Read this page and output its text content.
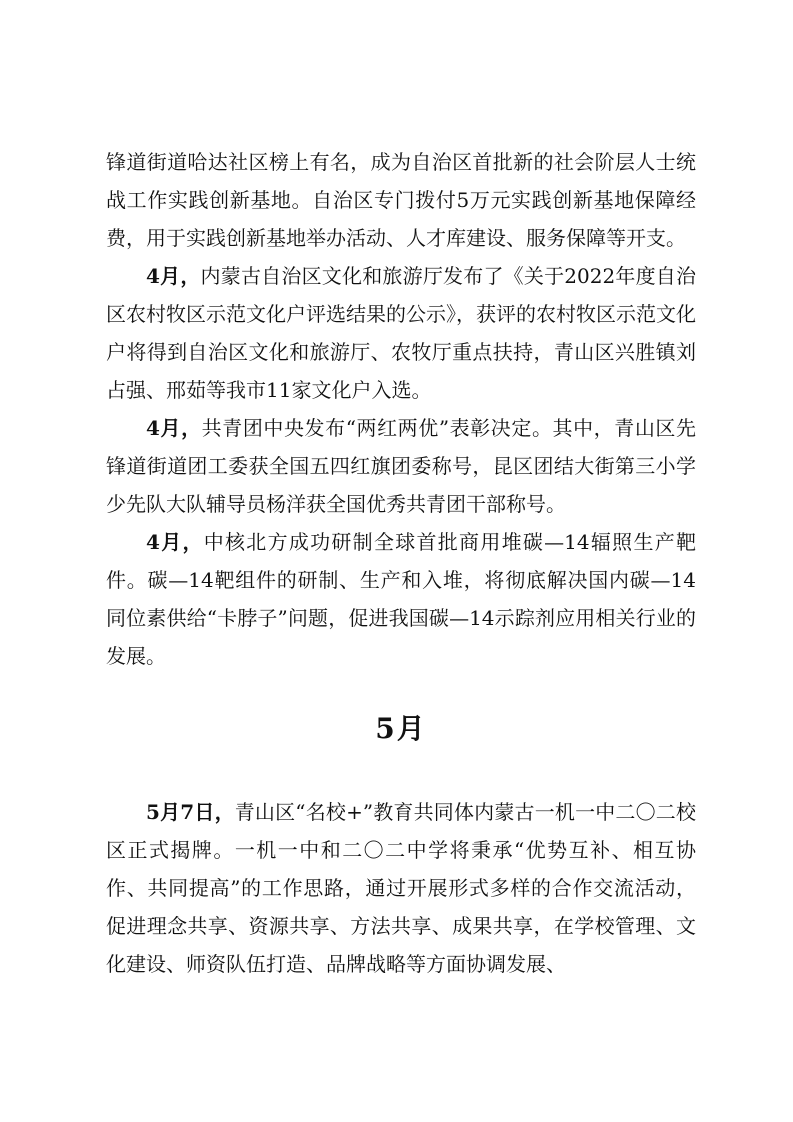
锋道街道哈达社区榜上有名，成为自治区首批新的社会阶层人士统战工作实践创新基地。自治区专门拨付5万元实践创新基地保障经费，用于实践创新基地举办活动、人才库建设、服务保障等开支。

4月，内蒙古自治区文化和旅游厅发布了《关于2022年度自治区农村牧区示范文化户评选结果的公示》，获评的农村牧区示范文化户将得到自治区文化和旅游厅、农牧厅重点扶持，青山区兴胜镇刘占强、邢茹等我市11家文化户入选。

4月，共青团中央发布“两红两优”表彰决定。其中，青山区先锋道街道团工委获全国五四红旗团委称号，昆区团结大街第三小学少先队大队辅导员杨洋获全国优秀共青团干部称号。

4月，中核北方成功研制全球首批商用堆碳—14辐照生产靶件。碳—14靶组件的研制、生产和入堆，将彻底解决国内碳—14同位素供给“卡脖子”问题，促进我国碳—14示踪剂应用相关行业的发展。

5月

5月7日，青山区“名校+”教育共同体内蒙古一机一中二〇二校区正式揭牌。一机一中和二〇二中学将秉承“优势互补、相互协作、共同提高”的工作思路，通过开展形式多样的合作交流活动，促进理念共享、资源共享、方法共享、成果共享，在学校管理、文化建设、师资队伍打造、品牌战略等方面协调发展、
